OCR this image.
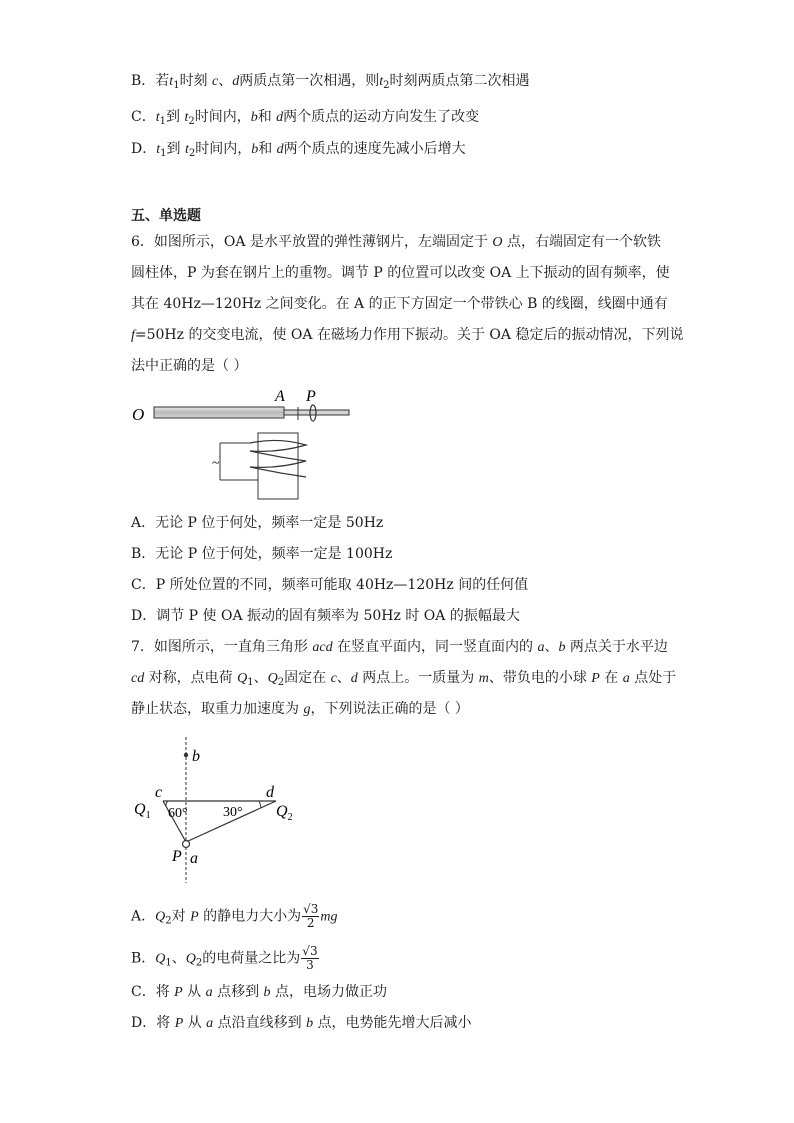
B．若$t_1$时刻 c、d两质点第一次相遇，则$t_2$时刻两质点第二次相遇
C．$t_1$到 $t_2$时间内，b和 d两个质点的运动方向发生了改变
D．$t_1$到 $t_2$时间内，b和 d两个质点的速度先减小后增大
五、单选题
6．如图所示，OA 是水平放置的弹性薄钢片，左端固定于 O 点，右端固定有一个软铁
圆柱体，P 为套在钢片上的重物。调节 P 的位置可以改变 OA 上下振动的固有频率，使
其在 40Hz—120Hz 之间变化。在 A 的正下方固定一个带铁心 B 的线圈，线圈中通有
f=50Hz 的交变电流，使 OA 在磁场力作用下振动。关于 OA 稳定后的振动情况，下列说
法中正确的是（ ）
O
A P
~
A．无论 P 位于何处，频率一定是 50Hz
B．无论 P 位于何处，频率一定是 100Hz
C．P 所处位置的不同，频率可能取 40Hz—120Hz 间的任何值
D．调节 P 使 OA 振动的固有频率为 50Hz 时 OA 的振幅最大
7．如图所示，一直角三角形 acd 在竖直平面内，同一竖直面内的 a、b 两点关于水平边
cd 对称，点电荷 $Q_1$、$Q_2$固定在 c、d 两点上。一质量为 m、带负电的小球 P 在 a 点处于
静止状态，取重力加速度为 g，下列说法正确的是（ ）
b
c	d
$Q_1$	$Q_2$
60°	30°
P a
A．$Q_2$对 P 的静电力大小为 $\frac{√3}{2}$ mg
B．$Q_1$、$Q_2$的电荷量之比为 $\frac{√3}{3}$
C．将 P 从 a 点移到 b 点，电场力做正功
D．将 P 从 a 点沿直线移到 b 点，电势能先增大后减小
